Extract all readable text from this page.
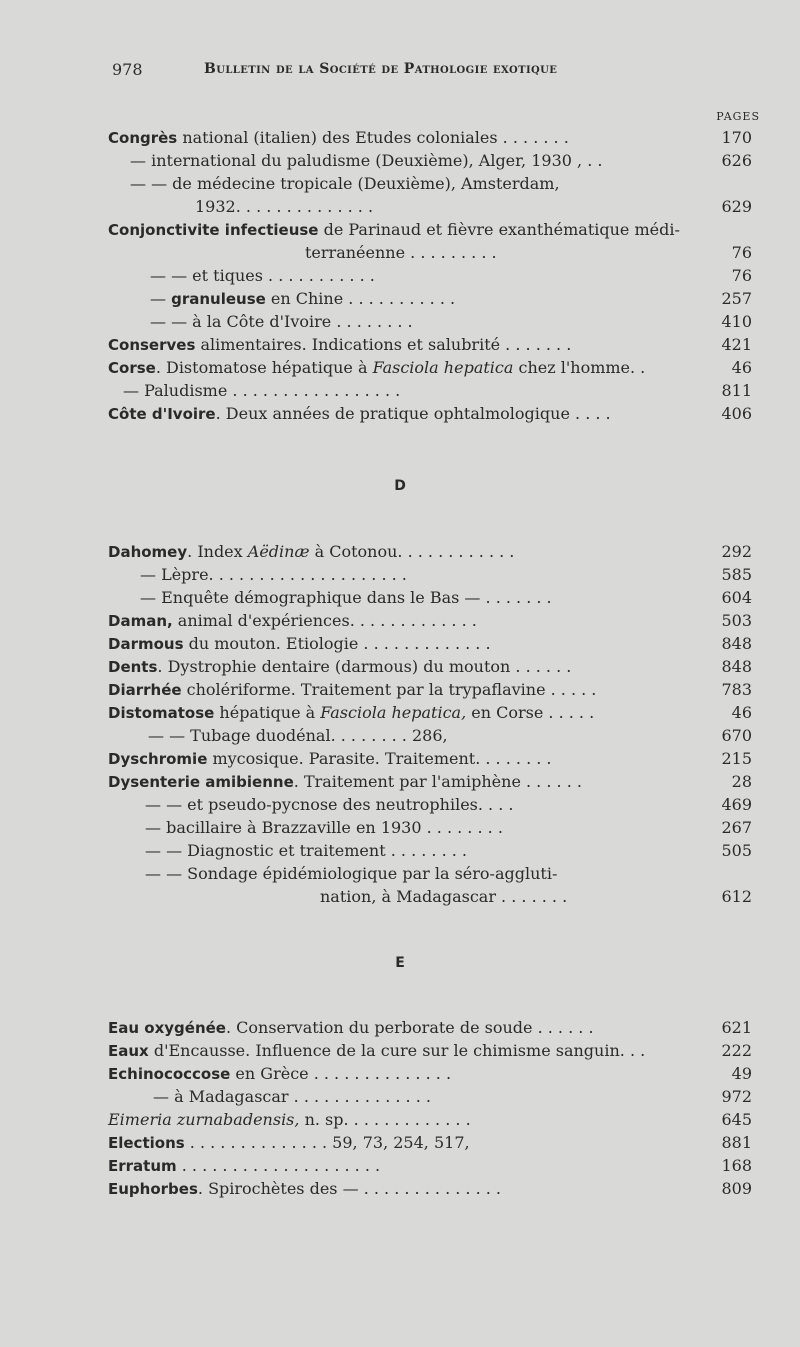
978	Bulletin de la Société de Pathologie exotique
PAGES
Congrès national (italien) des Etudes coloniales . . . . . . .	170
— international du paludisme (Deuxième), Alger, 1930 , . .	626
— — de médecine tropicale (Deuxième), Amsterdam,
1932. . . . . . . . . . . . . .	629
Conjonctivite infectieuse de Parinaud et fièvre exanthématique médi-
terranéenne . . . . . . . . .	76
— — et tiques . . . . . . . . . . .	76
— granuleuse en Chine . . . . . . . . . . .	257
— — à la Côte d'Ivoire . . . . . . . .	410
Conserves alimentaires. Indications et salubrité . . . . . . .	421
Corse. Distomatose hépatique à Fasciola hepatica chez l'homme. .	46
— Paludisme . . . . . . . . . . . . . . . . .	811
Côte d'Ivoire. Deux années de pratique ophtalmologique . . . .	406
Dahomey. Index Aëdinæ à Cotonou. . . . . . . . . . . .	292
— Lèpre. . . . . . . . . . . . . . . . . . . .	585
— Enquête démographique dans le Bas — . . . . . . .	604
Daman, animal d'expériences. . . . . . . . . . . . .	503
Darmous du mouton. Etiologie . . . . . . . . . . . . .	848
Dents. Dystrophie dentaire (darmous) du mouton . . . . . .	848
Diarrhée cholériforme. Traitement par la trypaflavine . . . . .	783
Distomatose hépatique à Fasciola hepatica, en Corse . . . . .	46
— — Tubage duodénal. . . . . . . . 286,	670
Dyschromie mycosique. Parasite. Traitement. . . . . . . .	215
Dysenterie amibienne. Traitement par l'amiphène . . . . . .	28
— — et pseudo-pycnose des neutrophiles. . . .	469
— bacillaire à Brazzaville en 1930 . . . . . . . .	267
— — Diagnostic et traitement . . . . . . . .	505
— — Sondage épidémiologique par la séro-aggluti-
nation, à Madagascar . . . . . . .	612
Eau oxygénée. Conservation du perborate de soude . . . . . .	621
Eaux d'Encausse. Influence de la cure sur le chimisme sanguin. . .	222
Echinococcose en Grèce . . . . . . . . . . . . . .	49
— à Madagascar . . . . . . . . . . . . . .	972
Eimeria zurnabadensis, n. sp. . . . . . . . . . . . .	645
Elections . . . . . . . . . . . . . . 59, 73, 254, 517,	881
Erratum . . . . . . . . . . . . . . . . . . . .	168
Euphorbes. Spirochètes des — . . . . . . . . . . . . . .	809
D
E
